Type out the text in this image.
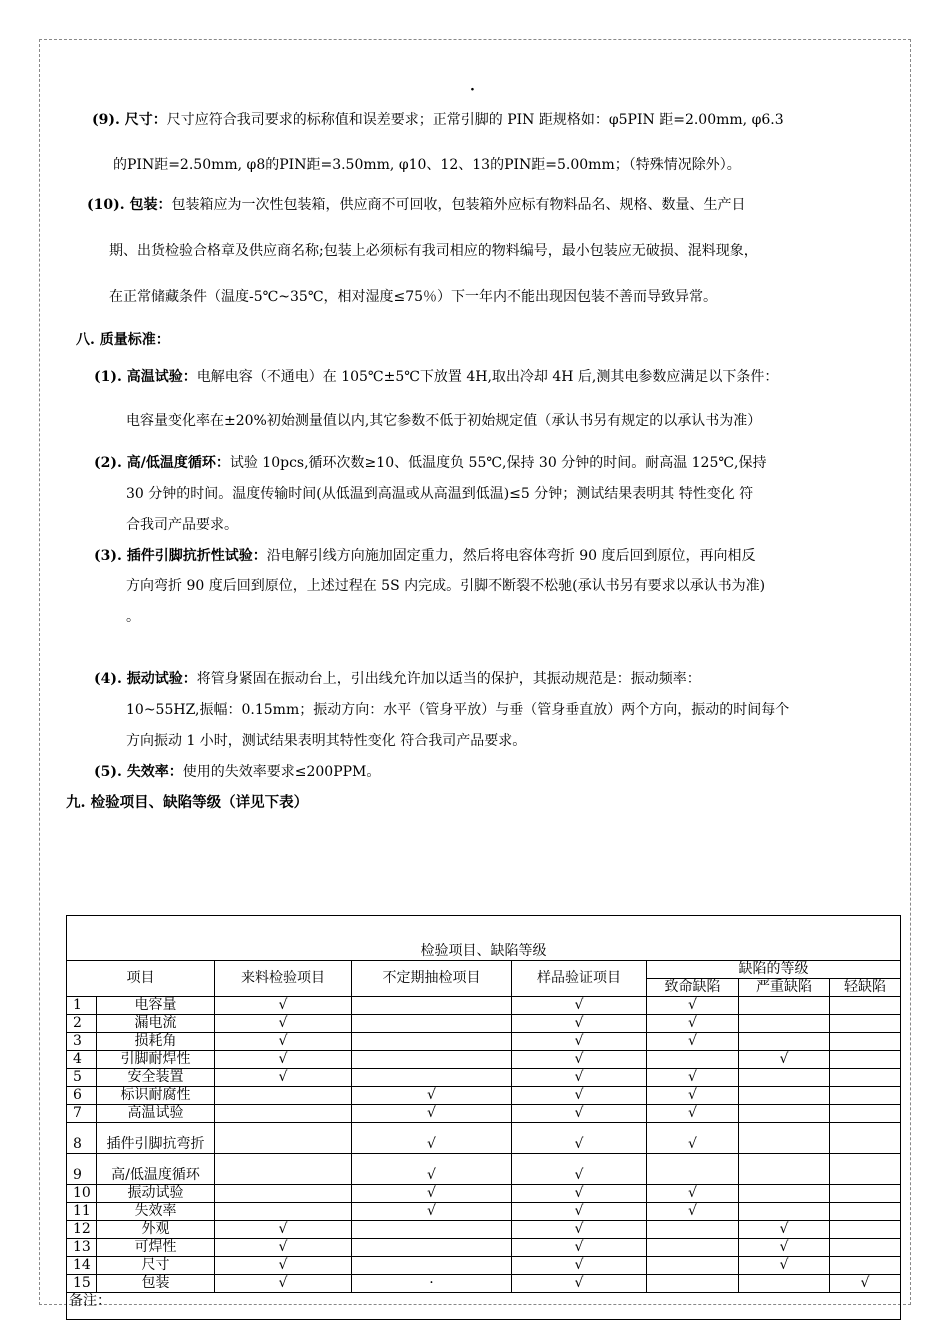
·
(9). 尺寸：尺寸应符合我司要求的标称值和误差要求；正常引脚的 PIN 距规格如：φ5PIN 距=2.00mm, φ6.3
的PIN距=2.50mm, φ8的PIN距=3.50mm, φ10、12、13的PIN距=5.00mm；（特殊情况除外）。
(10). 包装：包装箱应为一次性包装箱，供应商不可回收，包装箱外应标有物料品名、规格、数量、生产日
期、出货检验合格章及供应商名称;包装上必须标有我司相应的物料编号，最小包装应无破损、混料现象，
在正常储藏条件（温度-5℃~35℃，相对湿度≤75％）下一年内不能出现因包装不善而导致异常。
八. 质量标准：
(1). 高温试验：电解电容（不通电）在 105℃±5℃下放置 4H,取出冷却 4H 后,测其电参数应满足以下条件：
电容量变化率在±20%初始测量值以内,其它参数不低于初始规定值（承认书另有规定的以承认书为准）
(2). 高/低温度循环：试验 10pcs,循环次数≥10、低温度负 55℃,保持 30 分钟的时间。耐高温 125℃,保持
30 分钟的时间。温度传输时间(从低温到高温或从高温到低温)≤5 分钟；测试结果表明其 特性变化 符
合我司产品要求。
(3). 插件引脚抗折性试验：沿电解引线方向施加固定重力，然后将电容体弯折 90 度后回到原位，再向相反
方向弯折 90 度后回到原位，上述过程在 5S 内完成。引脚不断裂不松驰(承认书另有要求以承认书为准)
。
(4). 振动试验：将管身紧固在振动台上，引出线允许加以适当的保护，其振动规范是：振动频率：
10~55HZ,振幅：0.15mm；振动方向：水平（管身平放）与垂（管身垂直放）两个方向，振动的时间每个
方向振动 1 小时，测试结果表明其特性变化 符合我司产品要求。
(5). 失效率：使用的失效率要求≤200PPM。
九. 检验项目、缺陷等级（详见下表）
检验项目、缺陷等级							
项目		来料检验项目	不定期抽检项目	样品验证项目	缺陷的等级		
					致命缺陷	严重缺陷	轻缺陷
1	电容量	√		√	√		
2	漏电流	√		√	√		
3	损耗角	√		√	√		
4	引脚耐焊性	√		√		√	
5	安全装置	√		√	√		
6	标识耐腐性		√	√	√		
7	高温试验		√	√	√		
8	插件引脚抗弯折		√	√	√		
9	高/低温度循环		√	√			
10	振动试验		√	√	√		
11	失效率		√	√	√		
12	外观	√		√		√	
13	可焊性	√		√		√	
14	尺寸	√		√		√	
15	包装	√	·	√			√
备注：							
